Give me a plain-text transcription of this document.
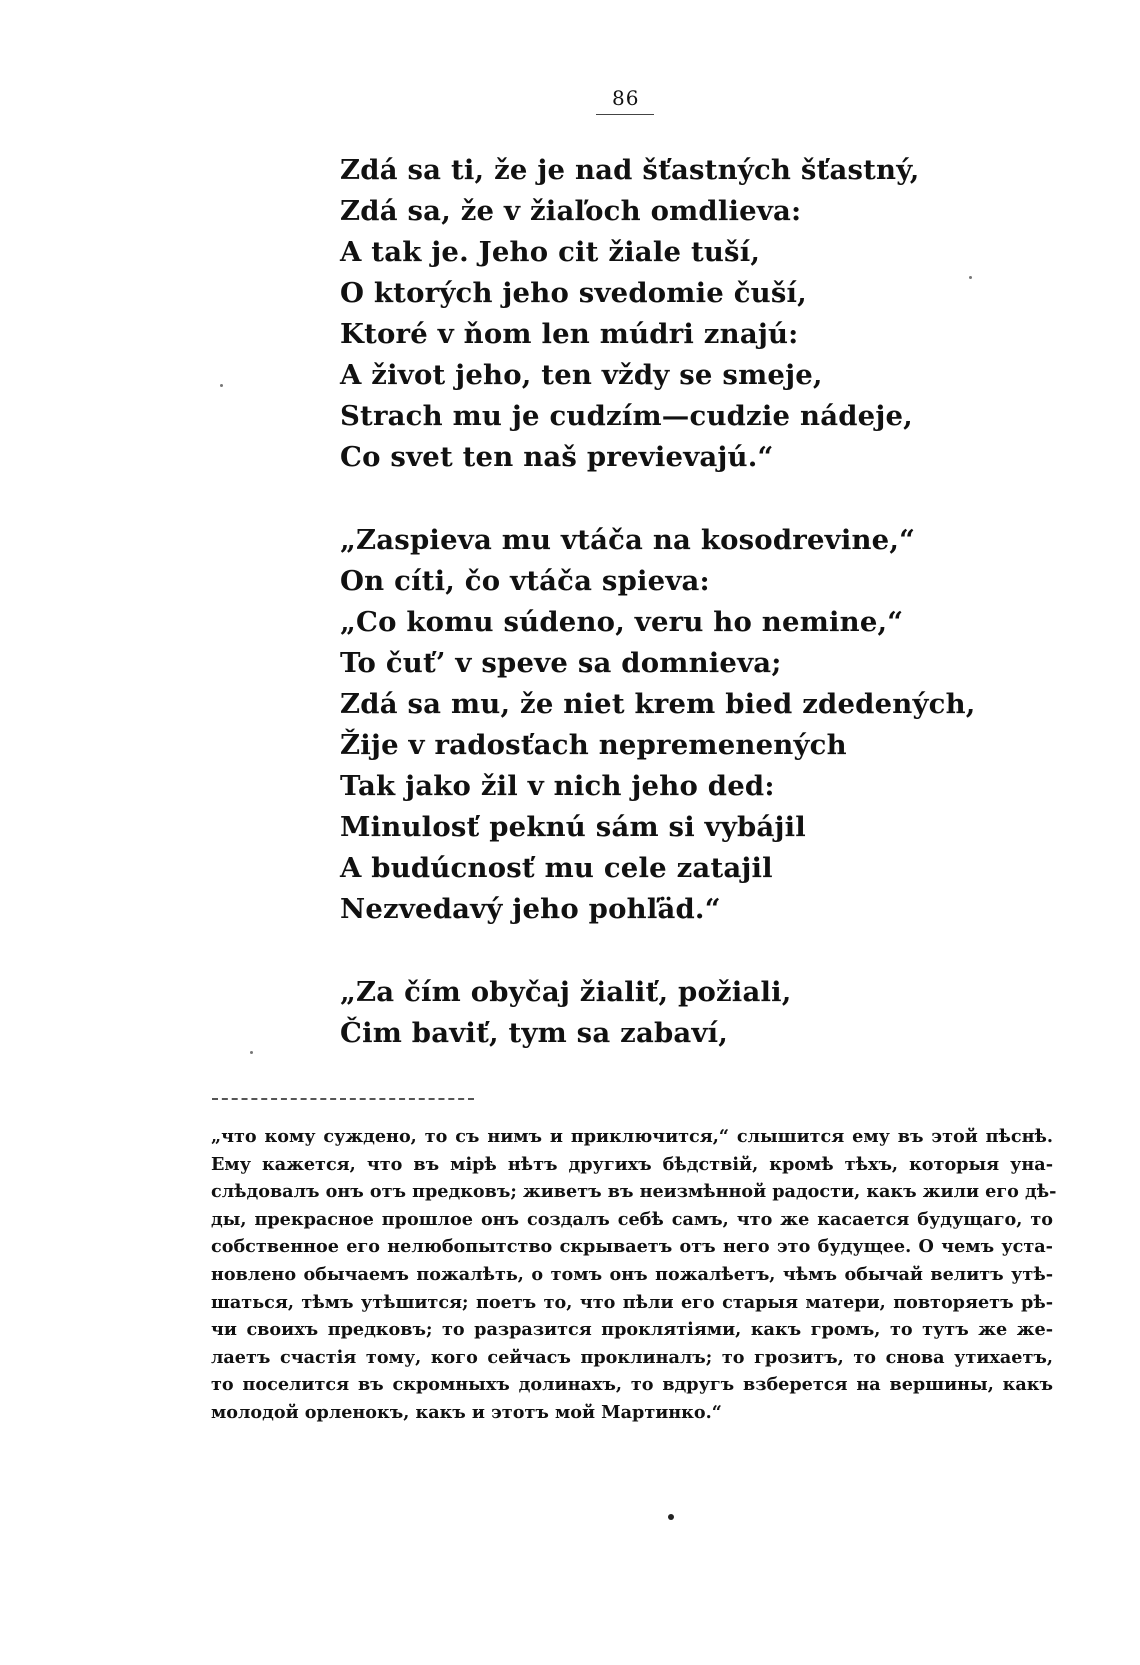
86
Zdá sa ti, že je nad šťastných šťastný,
Zdá sa, že v žiaľoch omdlieva:
A tak je. Jeho cit žiale tuší,
O ktorých jeho svedomie čuší,
Ktoré v ňom len múdri znajú:
A život jeho, ten vždy se smeje,
Strach mu je cudzím—cudzie nádeje,
Co svet ten naš previevajú.“
„Zaspieva mu vtáča na kosodrevine,“
On cíti, čo vtáča spieva:
„Co komu súdeno, veru ho nemine,“
To čuť’ v speve sa domnieva;
Zdá sa mu, že niet krem bied zdedených,
Žije v radosťach nepremenených
Tak jako žil v nich jeho ded:
Minulosť peknú sám si vybájil
A budúcnosť mu cele zatajil
Nezvedavý jeho pohľäd.“
„Za čím obyčaj žialiť, požiali,
Čim baviť, tym sa zabaví,
„что кому суждено, то съ нимъ и приключится,“ слышится ему въ этой пѣснѣ.
Ему кажется, что въ мірѣ нѣтъ другихъ бѣдствій, кромѣ тѣхъ, которыя уна-
слѣдовалъ онъ отъ предковъ; живетъ въ неизмѣнной радости, какъ жили его дѣ-
ды, прекрасное прошлое онъ создалъ себѣ самъ, что же касается будущаго, то
собственное его нелюбопытство скрываетъ отъ него это будущее. О чемъ уста-
новлено обычаемъ пожалѣть, о томъ онъ пожалѣетъ, чѣмъ обычай велитъ утѣ-
шаться, тѣмъ утѣшится; поетъ то, что пѣли его старыя матери, повторяетъ рѣ-
чи своихъ предковъ; то разразится проклятіями, какъ громъ, то тутъ же же-
лаетъ счастія тому, кого сейчасъ проклиналъ; то грозитъ, то снова утихаетъ,
то поселится въ скромныхъ долинахъ, то вдругъ взберется на вершины, какъ
молодой орленокъ, какъ и этотъ мой Мартинко.“
